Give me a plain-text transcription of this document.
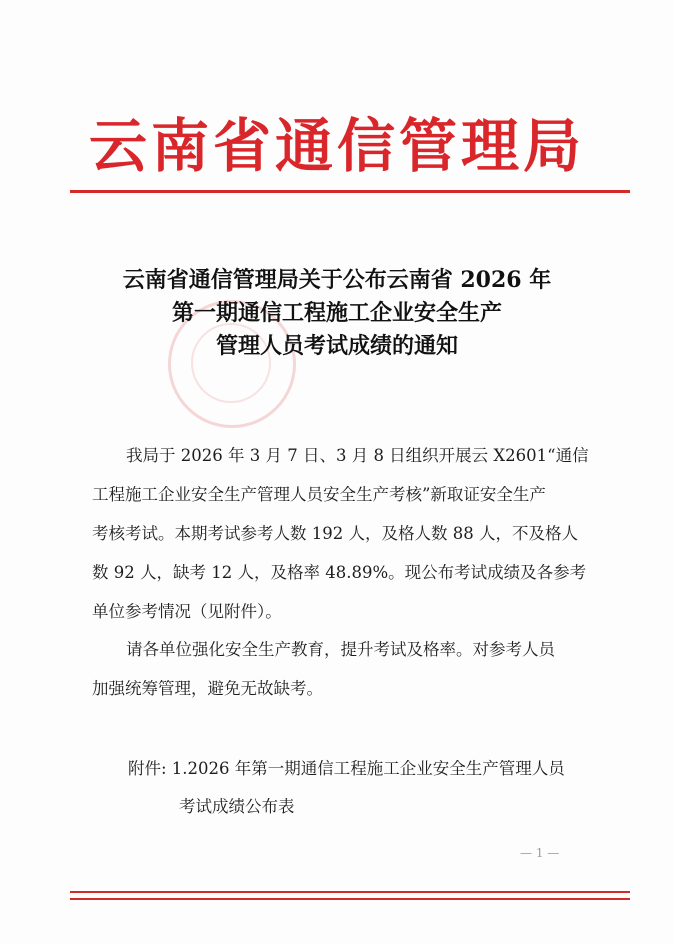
云南省通信管理局
云南省通信管理局关于公布云南省 2026 年
第一期通信工程施工企业安全生产
管理人员考试成绩的通知
我局于 2026 年 3 月 7 日、3 月 8 日组织开展云 X2601“通信
工程施工企业安全生产管理人员安全生产考核”新取证安全生产
考核考试。本期考试参考人数 192 人，及格人数 88 人，不及格人
数 92 人，缺考 12 人，及格率 48.89%。现公布考试成绩及各参考
单位参考情况（见附件）。
请各单位强化安全生产教育，提升考试及格率。对参考人员
加强统筹管理，避免无故缺考。
附件: 1.2026 年第一期通信工程施工企业安全生产管理人员
考试成绩公布表
— 1 —
